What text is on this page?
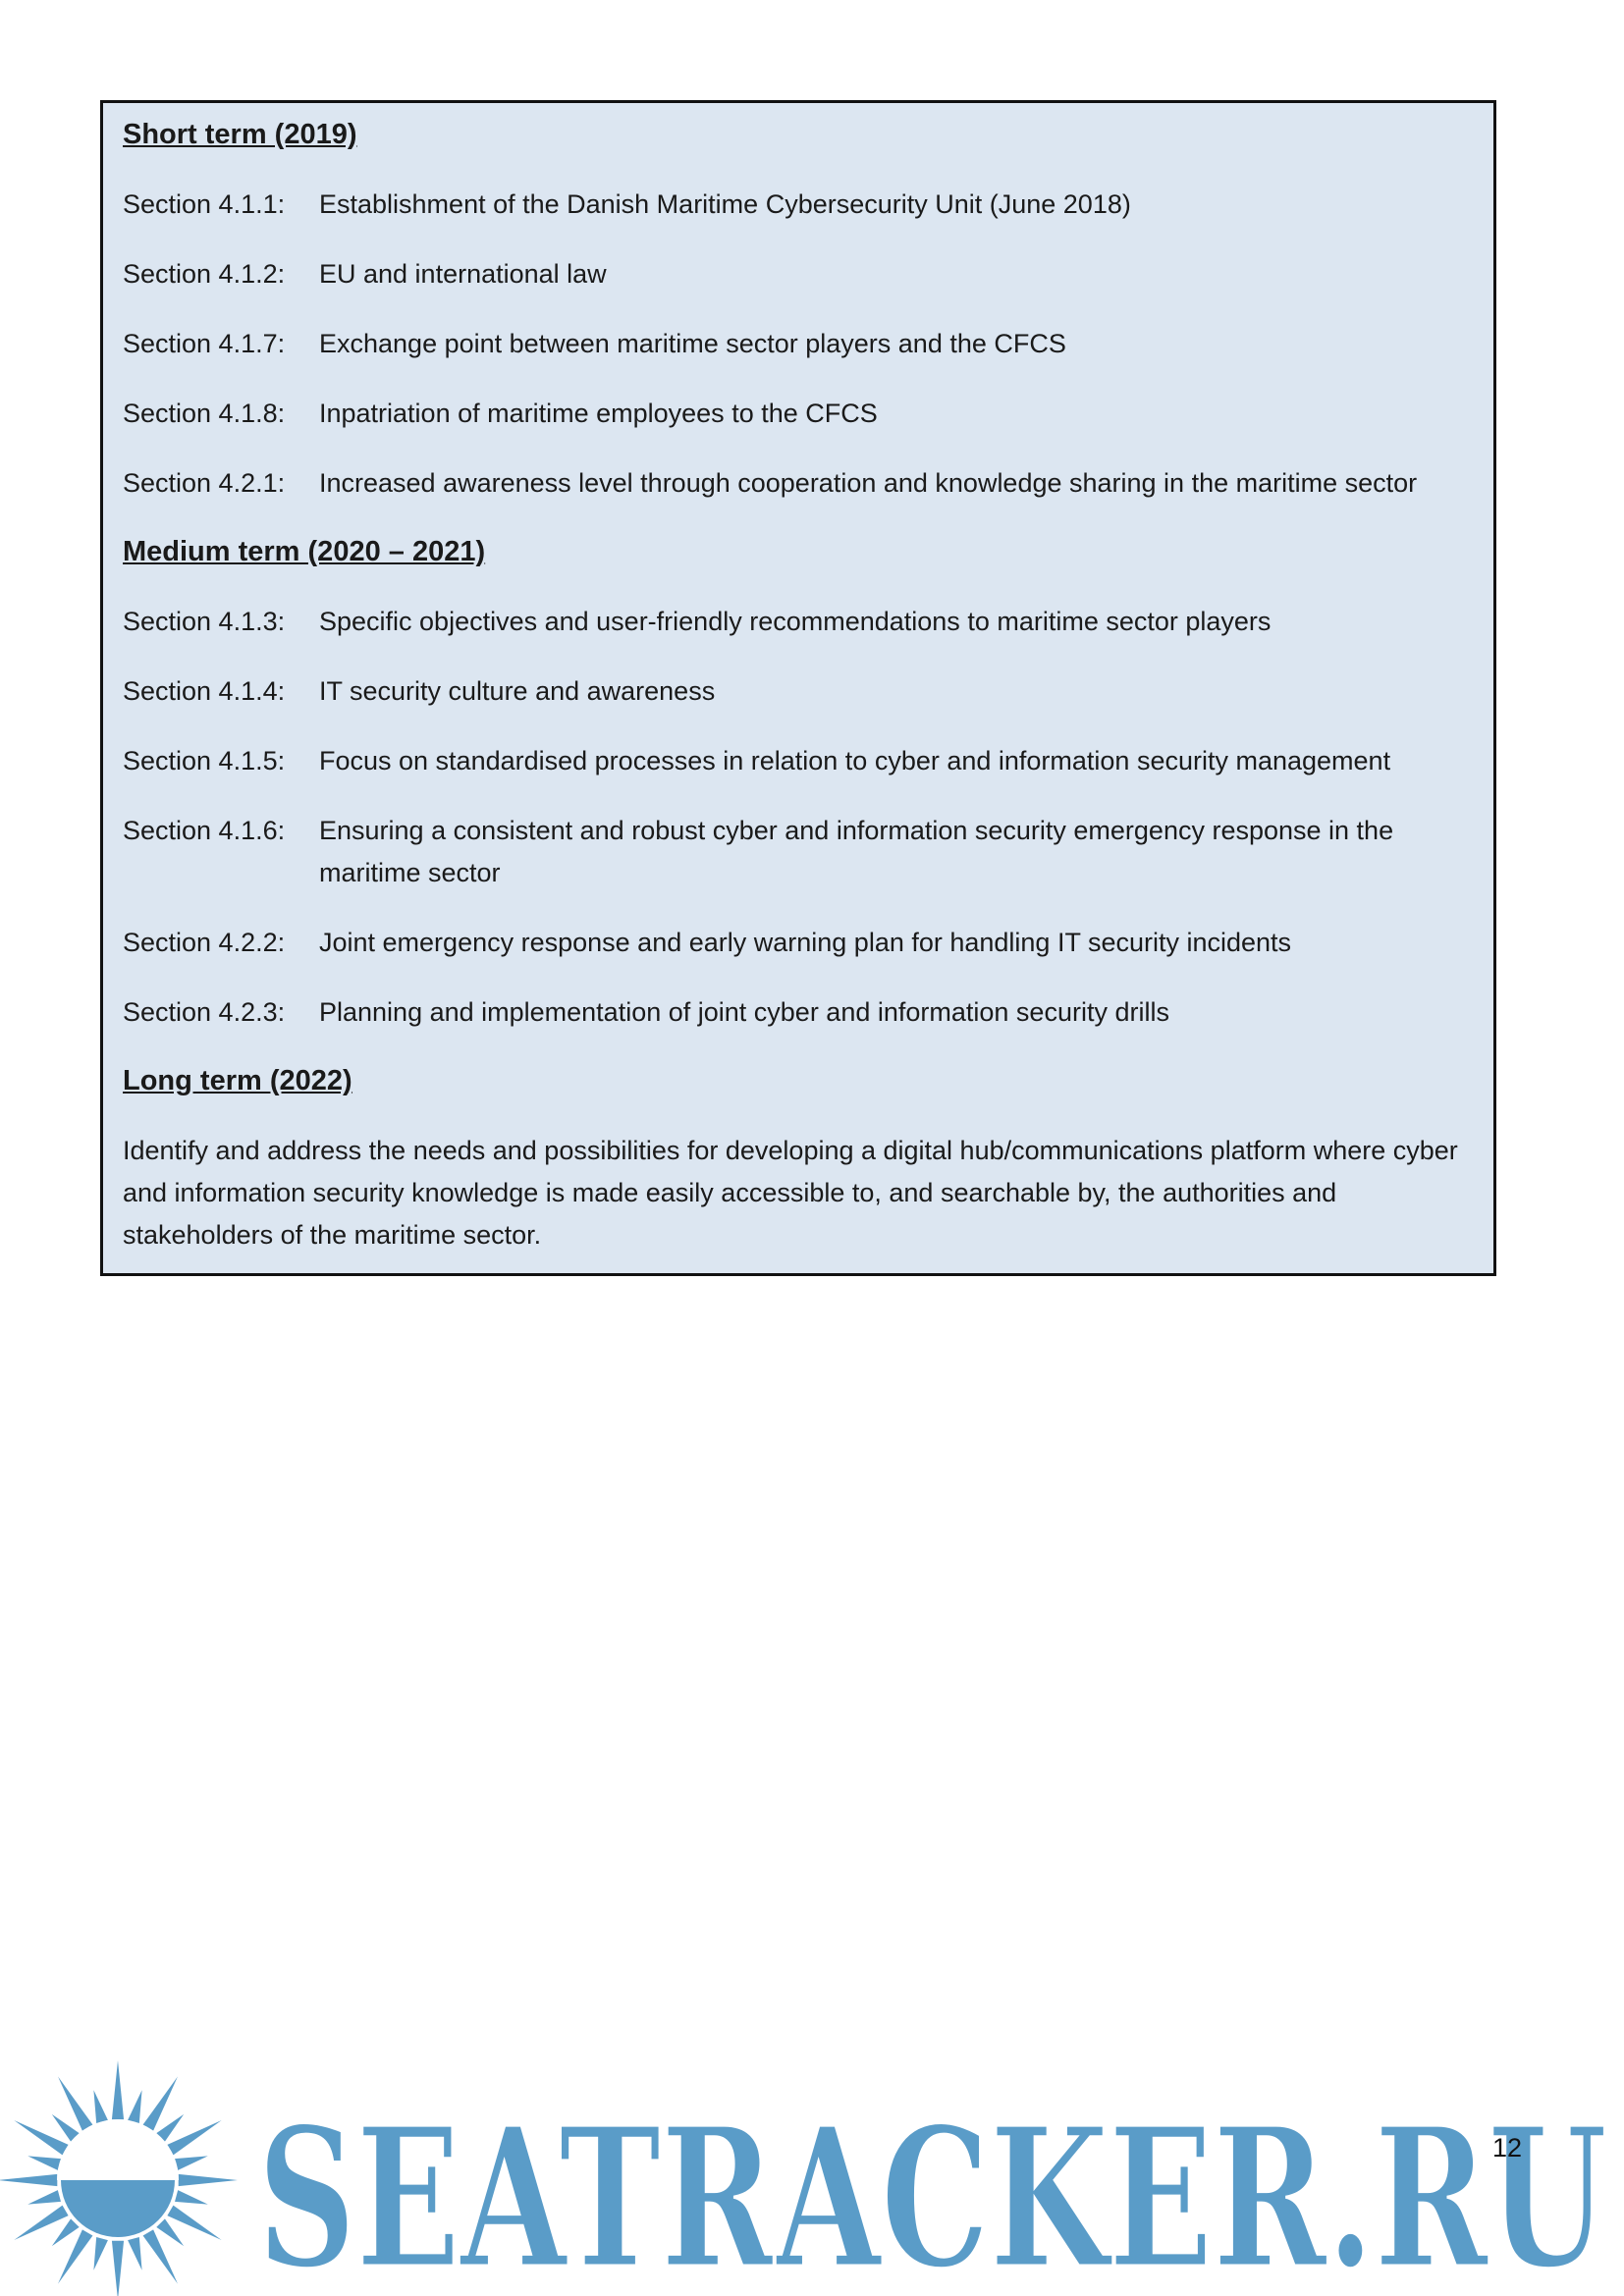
Short term (2019)
Section 4.1.1:	Establishment of the Danish Maritime Cybersecurity Unit (June 2018)
Section 4.1.2:	EU and international law
Section 4.1.7:	Exchange point between maritime sector players and the CFCS
Section 4.1.8:	Inpatriation of maritime employees to the CFCS
Section 4.2.1:	Increased awareness level through cooperation and knowledge sharing in the maritime sector
Medium term (2020 – 2021)
Section 4.1.3:	Specific objectives and user-friendly recommendations to maritime sector players
Section 4.1.4:	IT security culture and awareness
Section 4.1.5:	Focus on standardised processes in relation to cyber and information security management
Section 4.1.6:	Ensuring a consistent and robust cyber and information security emergency response in the maritime sector
Section 4.2.2:	Joint emergency response and early warning plan for handling IT security incidents
Section 4.2.3:	Planning and implementation of joint cyber and information security drills
Long term (2022)

Identify and address the needs and possibilities for developing a digital hub/communications platform where cyber and information security knowledge is made easily accessible to, and searchable by, the authorities and stakeholders of the maritime sector.

SEATRACKER.RU
12
